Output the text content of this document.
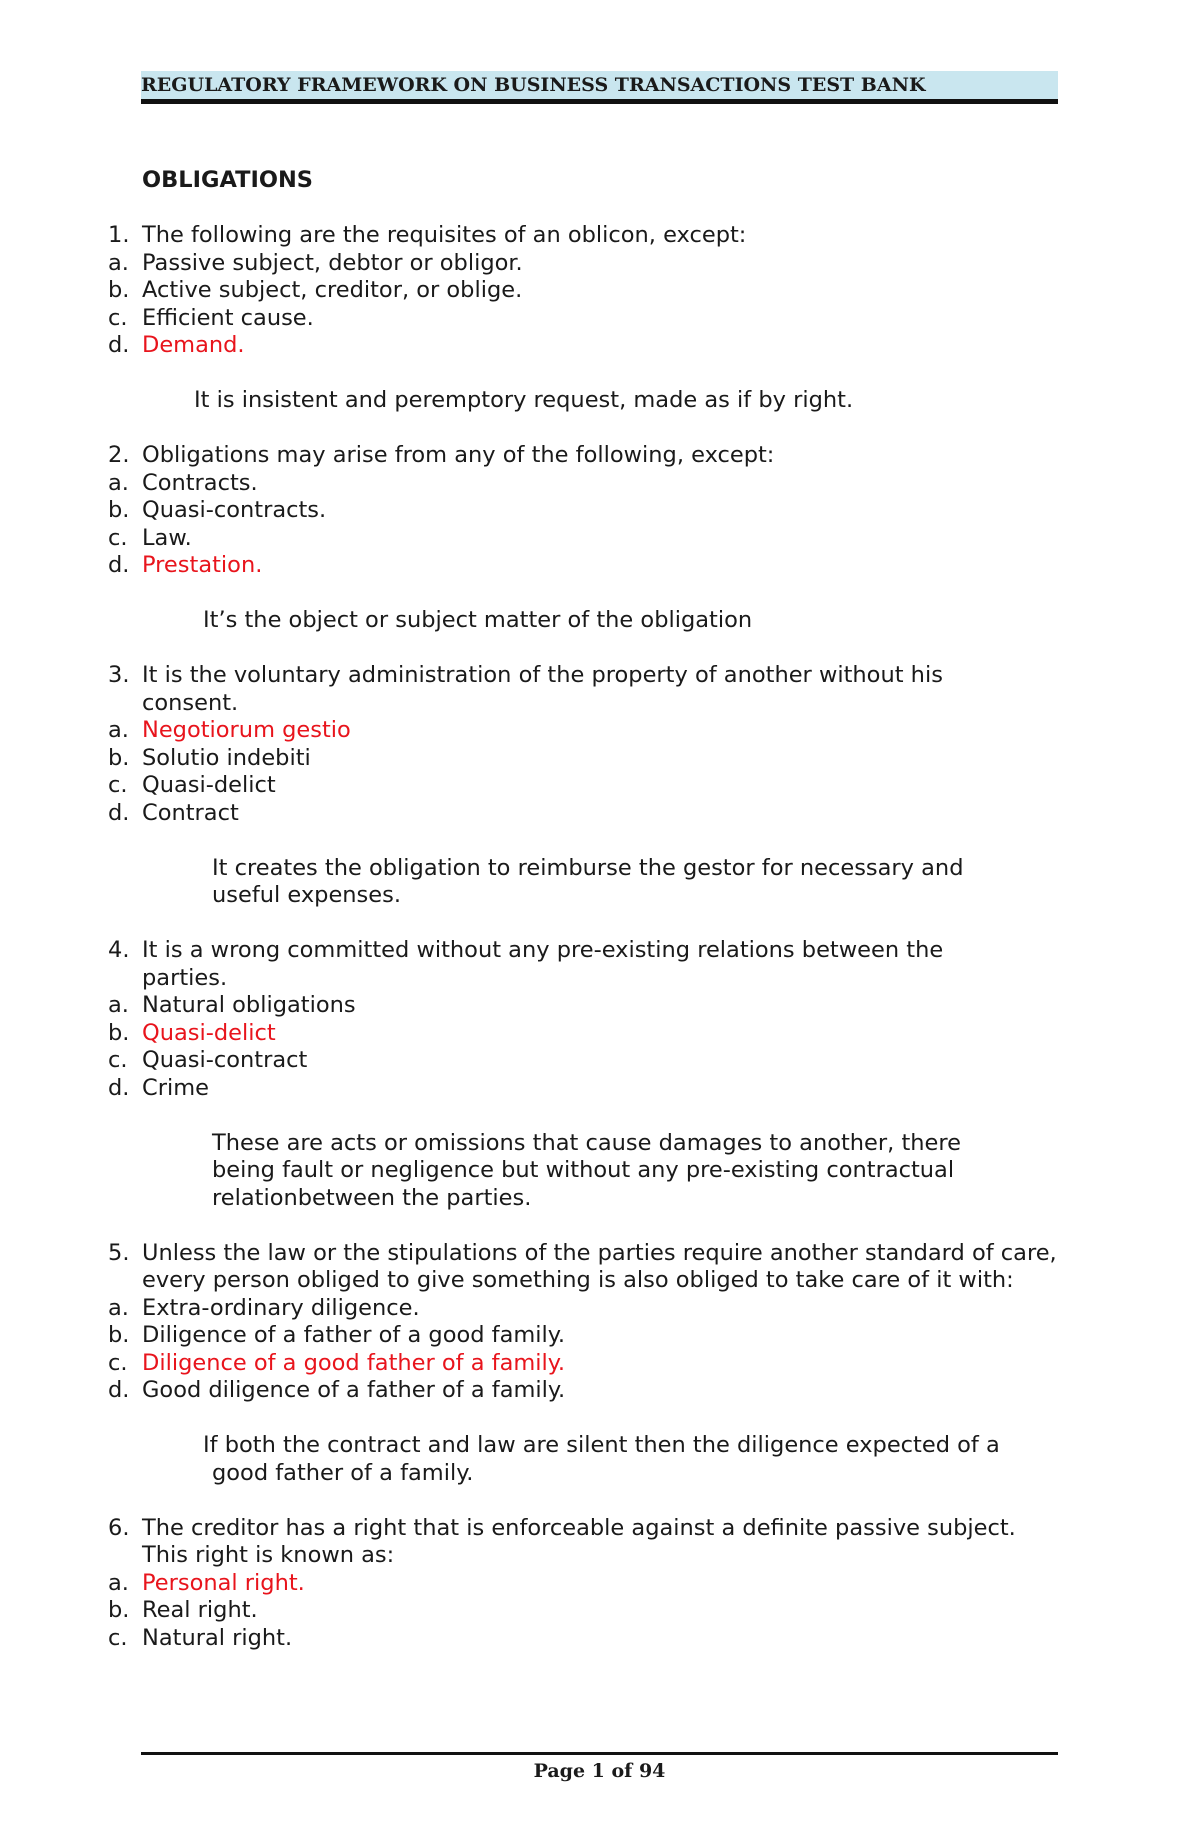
REGULATORY FRAMEWORK ON BUSINESS TRANSACTIONS TEST BANK
OBLIGATIONS
1. The following are the requisites of an oblicon, except:
a. Passive subject, debtor or obligor.
b. Active subject, creditor, or oblige.
c. Efficient cause.
d. Demand.
It is insistent and peremptory request, made as if by right.
2. Obligations may arise from any of the following, except:
a. Contracts.
b. Quasi-contracts.
c. Law.
d. Prestation.
It’s the object or subject matter of the obligation
3. It is the voluntary administration of the property of another without his consent.
a. Negotiorum gestio
b. Solutio indebiti
c. Quasi-delict
d. Contract
It creates the obligation to reimburse the gestor for necessary and useful expenses.
4. It is a wrong committed without any pre-existing relations between the parties.
a. Natural obligations
b. Quasi-delict
c. Quasi-contract
d. Crime
These are acts or omissions that cause damages to another, there being fault or negligence but without any pre-existing contractual relationbetween the parties.
5. Unless the law or the stipulations of the parties require another standard of care, every person obliged to give something is also obliged to take care of it with:
a. Extra-ordinary diligence.
b. Diligence of a father of a good family.
c. Diligence of a good father of a family.
d. Good diligence of a father of a family.
If both the contract and law are silent then the diligence expected of a
good father of a family.
6. The creditor has a right that is enforceable against a definite passive subject. This right is known as:
a. Personal right.
b. Real right.
c. Natural right.
Page 1 of 94
